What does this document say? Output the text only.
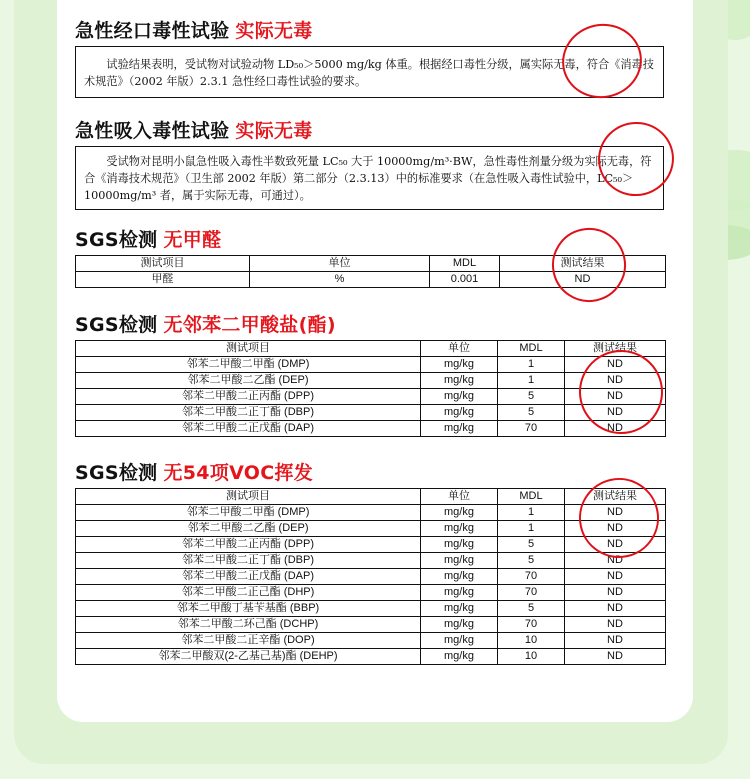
急性经口毒性试验 实际无毒

试验结果表明，受试物对试验动物 LD₅₀＞5000 mg/kg 体重。根据经口毒性分级，属实际无毒，符合《消毒技术规范》（2002 年版）2.3.1 急性经口毒性试验的要求。

急性吸入毒性试验 实际无毒

受试物对昆明小鼠急性吸入毒性半数致死量 LC₅₀ 大于 10000mg/m³·BW，急性毒性剂量分级为实际无毒，符合《消毒技术规范》（卫生部 2002 年版）第二部分（2.3.13）中的标准要求（在急性吸入毒性试验中，LC₅₀＞10000mg/m³ 者，属于实际无毒，可通过）。

SGS检测 无甲醛
测试项目	单位	MDL	测试结果
甲醛	%	0.001	ND
SGS检测 无邻苯二甲酸盐(酯)
测试项目	单位	MDL	测试结果
邻苯二甲酸二甲酯 (DMP)	mg/kg	1	ND
邻苯二甲酸二乙酯 (DEP)	mg/kg	1	ND
邻苯二甲酸二正丙酯 (DPP)	mg/kg	5	ND
邻苯二甲酸二正丁酯 (DBP)	mg/kg	5	ND
邻苯二甲酸二正戊酯 (DAP)	mg/kg	70	ND
SGS检测 无54项VOC挥发
测试项目	单位	MDL	测试结果
邻苯二甲酸二甲酯 (DMP)	mg/kg	1	ND
邻苯二甲酸二乙酯 (DEP)	mg/kg	1	ND
邻苯二甲酸二正丙酯 (DPP)	mg/kg	5	ND
邻苯二甲酸二正丁酯 (DBP)	mg/kg	5	ND
邻苯二甲酸二正戊酯 (DAP)	mg/kg	70	ND
邻苯二甲酸二正己酯 (DHP)	mg/kg	70	ND
邻苯二甲酸丁基苄基酯 (BBP)	mg/kg	5	ND
邻苯二甲酸二环己酯 (DCHP)	mg/kg	70	ND
邻苯二甲酸二正辛酯 (DOP)	mg/kg	10	ND
邻苯二甲酸双(2-乙基己基)酯 (DEHP)	mg/kg	10	ND
